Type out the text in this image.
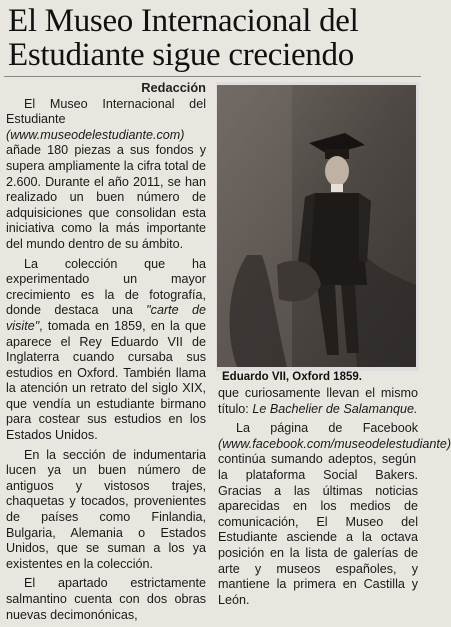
El Museo Internacional del Estudiante sigue creciendo
Redacción

El Museo Internacional del Estudiante (www.museodelestudiante.com) añade 180 piezas a sus fondos y supera ampliamente la cifra total de 2.600. Durante el año 2011, se han realizado un buen número de adquisiciones que consolidan esta iniciativa como la más importante del mundo dentro de su ámbito.

La colección que ha experimentado un mayor crecimiento es la de fotografía, donde destaca una "carte de visite", tomada en 1859, en la que aparece el Rey Eduardo VII de Inglaterra cuando cursaba sus estudios en Oxford. También llama la atención un retrato del siglo XIX, que vendía un estudiante birmano para costear sus estudios en los Estados Unidos.

En la sección de indumentaria lucen ya un buen número de antiguos y vistosos trajes, chaquetas y tocados, provenientes de países como Finlandia, Bulgaria, Alemania o Estados Unidos, que se suman a los ya existentes en la colección.

El apartado estrictamente salmantino cuenta con dos obras nuevas decimonónicas,

Eduardo VII, Oxford 1859.

que curiosamente llevan el mismo título: Le Bachelier de Salamanque.

La página de Facebook (www.facebook.com/museodelestudiante) continúa sumando adeptos, según la plataforma Social Bakers. Gracias a las últimas noticias aparecidas en los medios de comunicación, El Museo del Estudiante asciende a la octava posición en la lista de galerías de arte y museos españoles, y mantiene la primera en Castilla y León.
